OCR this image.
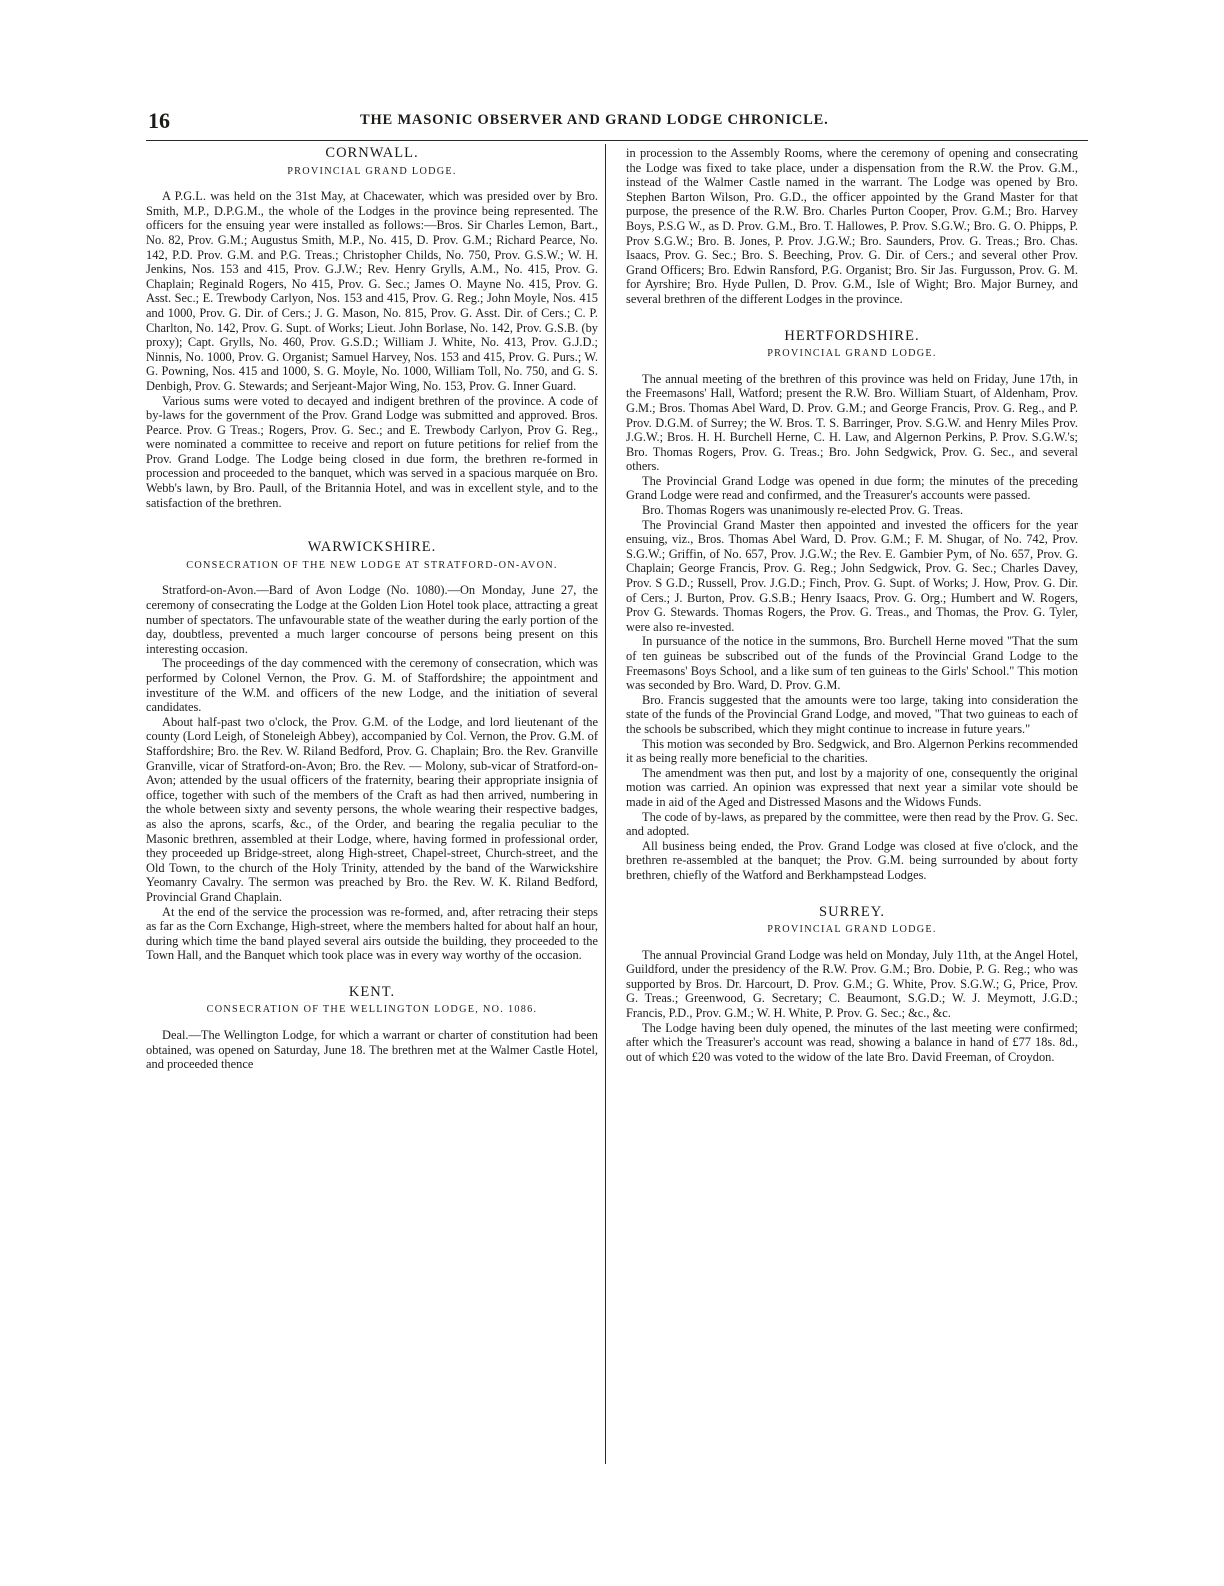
16	THE MASONIC OBSERVER AND GRAND LODGE CHRONICLE.
CORNWALL.
PROVINCIAL GRAND LODGE.

A P.G.L. was held on the 31st May, at Chacewater, which was presided over by Bro. Smith, M.P., D.P.G.M., the whole of the Lodges in the province being represented. The officers for the ensuing year were installed as follows:—Bros. Sir Charles Lemon, Bart., No. 82, Prov. G.M.; Augustus Smith, M.P., No. 415, D. Prov. G.M.; Richard Pearce, No. 142, P.D. Prov. G.M. and P.G. Treas.; Christopher Childs, No. 750, Prov. G.S.W.; W. H. Jenkins, Nos. 153 and 415, Prov. G.J.W.; Rev. Henry Grylls, A.M., No. 415, Prov. G. Chaplain; Reginald Rogers, No 415, Prov. G. Sec.; James O. Mayne No. 415, Prov. G. Asst. Sec.; E. Trewbody Carlyon, Nos. 153 and 415, Prov. G. Reg.; John Moyle, Nos. 415 and 1000, Prov. G. Dir. of Cers.; J. G. Mason, No. 815, Prov. G. Asst. Dir. of Cers.; C. P. Charlton, No. 142, Prov. G. Supt. of Works; Lieut. John Borlase, No. 142, Prov. G.S.B. (by proxy); Capt. Grylls, No. 460, Prov. G.S.D.; William J. White, No. 413, Prov. G.J.D.; Ninnis, No. 1000, Prov. G. Organist; Samuel Harvey, Nos. 153 and 415, Prov. G. Purs.; W. G. Powning, Nos. 415 and 1000, S. G. Moyle, No. 1000, William Toll, No. 750, and G. S. Denbigh, Prov. G. Stewards; and Serjeant-Major Wing, No. 153, Prov. G. Inner Guard.

Various sums were voted to decayed and indigent brethren of the province. A code of by-laws for the government of the Prov. Grand Lodge was submitted and approved. Bros. Pearce. Prov. G Treas.; Rogers, Prov. G. Sec.; and E. Trewbody Carlyon, Prov G. Reg., were nominated a committee to receive and report on future petitions for relief from the Prov. Grand Lodge. The Lodge being closed in due form, the brethren re-formed in procession and proceeded to the banquet, which was served in a spacious marquée on Bro. Webb's lawn, by Bro. Paull, of the Britannia Hotel, and was in excellent style, and to the satisfaction of the brethren.

WARWICKSHIRE.
CONSECRATION OF THE NEW LODGE AT STRATFORD-ON-AVON.

Stratford-on-Avon.—Bard of Avon Lodge (No. 1080).—On Monday, June 27, the ceremony of consecrating the Lodge at the Golden Lion Hotel took place, attracting a great number of spectators. The unfavourable state of the weather during the early portion of the day, doubtless, prevented a much larger concourse of persons being present on this interesting occasion.

The proceedings of the day commenced with the ceremony of consecration, which was performed by Colonel Vernon, the Prov. G. M. of Staffordshire; the appointment and investiture of the W.M. and officers of the new Lodge, and the initiation of several candidates.

About half-past two o'clock, the Prov. G.M. of the Lodge, and lord lieutenant of the county (Lord Leigh, of Stoneleigh Abbey), accompanied by Col. Vernon, the Prov. G.M. of Staffordshire; Bro. the Rev. W. Riland Bedford, Prov. G. Chaplain; Bro. the Rev. Granville Granville, vicar of Stratford-on-Avon; Bro. the Rev. — Molony, sub-vicar of Stratford-on-Avon; attended by the usual officers of the fraternity, bearing their appropriate insignia of office, together with such of the members of the Craft as had then arrived, numbering in the whole between sixty and seventy persons, the whole wearing their respective badges, as also the aprons, scarfs, &c., of the Order, and bearing the regalia peculiar to the Masonic brethren, assembled at their Lodge, where, having formed in professional order, they proceeded up Bridge-street, along High-street, Chapel-street, Church-street, and the Old Town, to the church of the Holy Trinity, attended by the band of the Warwickshire Yeomanry Cavalry. The sermon was preached by Bro. the Rev. W. K. Riland Bedford, Provincial Grand Chaplain.

At the end of the service the procession was re-formed, and, after retracing their steps as far as the Corn Exchange, High-street, where the members halted for about half an hour, during which time the band played several airs outside the building, they proceeded to the Town Hall, and the Banquet which took place was in every way worthy of the occasion.

KENT.
CONSECRATION OF THE WELLINGTON LODGE, NO. 1086.

Deal.—The Wellington Lodge, for which a warrant or charter of constitution had been obtained, was opened on Saturday, June 18. The brethren met at the Walmer Castle Hotel, and proceeded thence

in procession to the Assembly Rooms, where the ceremony of opening and consecrating the Lodge was fixed to take place, under a dispensation from the R.W. the Prov. G.M., instead of the Walmer Castle named in the warrant. The Lodge was opened by Bro. Stephen Barton Wilson, Pro. G.D., the officer appointed by the Grand Master for that purpose, the presence of the R.W. Bro. Charles Purton Cooper, Prov. G.M.; Bro. Harvey Boys, P.S.G W., as D. Prov. G.M., Bro. T. Hallowes, P. Prov. S.G.W.; Bro. G. O. Phipps, P. Prov S.G.W.; Bro. B. Jones, P. Prov. J.G.W.; Bro. Saunders, Prov. G. Treas.; Bro. Chas. Isaacs, Prov. G. Sec.; Bro. S. Beeching, Prov. G. Dir. of Cers.; and several other Prov. Grand Officers; Bro. Edwin Ransford, P.G. Organist; Bro. Sir Jas. Furgusson, Prov. G. M. for Ayrshire; Bro. Hyde Pullen, D. Prov. G.M., Isle of Wight; Bro. Major Burney, and several brethren of the different Lodges in the province.

HERTFORDSHIRE.
PROVINCIAL GRAND LODGE.

The annual meeting of the brethren of this province was held on Friday, June 17th, in the Freemasons' Hall, Watford; present the R.W. Bro. William Stuart, of Aldenham, Prov. G.M.; Bros. Thomas Abel Ward, D. Prov. G.M.; and George Francis, Prov. G. Reg., and P. Prov. D.G.M. of Surrey; the W. Bros. T. S. Barringer, Prov. S.G.W. and Henry Miles Prov. J.G.W.; Bros. H. H. Burchell Herne, C. H. Law, and Algernon Perkins, P. Prov. S.G.W.'s; Bro. Thomas Rogers, Prov. G. Treas.; Bro. John Sedgwick, Prov. G. Sec., and several others.

The Provincial Grand Lodge was opened in due form; the minutes of the preceding Grand Lodge were read and confirmed, and the Treasurer's accounts were passed.

Bro. Thomas Rogers was unanimously re-elected Prov. G. Treas.

The Provincial Grand Master then appointed and invested the officers for the year ensuing, viz., Bros. Thomas Abel Ward, D. Prov. G.M.; F. M. Shugar, of No. 742, Prov. S.G.W.; Griffin, of No. 657, Prov. J.G.W.; the Rev. E. Gambier Pym, of No. 657, Prov. G. Chaplain; George Francis, Prov. G. Reg.; John Sedgwick, Prov. G. Sec.; Charles Davey, Prov. S G.D.; Russell, Prov. J.G.D.; Finch, Prov. G. Supt. of Works; J. How, Prov. G. Dir. of Cers.; J. Burton, Prov. G.S.B.; Henry Isaacs, Prov. G. Org.; Humbert and W. Rogers, Prov G. Stewards. Thomas Rogers, the Prov. G. Treas., and Thomas, the Prov. G. Tyler, were also re-invested.

In pursuance of the notice in the summons, Bro. Burchell Herne moved "That the sum of ten guineas be subscribed out of the funds of the Provincial Grand Lodge to the Freemasons' Boys School, and a like sum of ten guineas to the Girls' School." This motion was seconded by Bro. Ward, D. Prov. G.M.

Bro. Francis suggested that the amounts were too large, taking into consideration the state of the funds of the Provincial Grand Lodge, and moved, "That two guineas to each of the schools be subscribed, which they might continue to increase in future years."

This motion was seconded by Bro. Sedgwick, and Bro. Algernon Perkins recommended it as being really more beneficial to the charities.

The amendment was then put, and lost by a majority of one, consequently the original motion was carried. An opinion was expressed that next year a similar vote should be made in aid of the Aged and Distressed Masons and the Widows Funds.

The code of by-laws, as prepared by the committee, were then read by the Prov. G. Sec. and adopted.

All business being ended, the Prov. Grand Lodge was closed at five o'clock, and the brethren re-assembled at the banquet; the Prov. G.M. being surrounded by about forty brethren, chiefly of the Watford and Berkhampstead Lodges.

SURREY.
PROVINCIAL GRAND LODGE.

The annual Provincial Grand Lodge was held on Monday, July 11th, at the Angel Hotel, Guildford, under the presidency of the R.W. Prov. G.M.; Bro. Dobie, P. G. Reg.; who was supported by Bros. Dr. Harcourt, D. Prov. G.M.; G. White, Prov. S.G.W.; G, Price, Prov. G. Treas.; Greenwood, G. Secretary; C. Beaumont, S.G.D.; W. J. Meymott, J.G.D.; Francis, P.D., Prov. G.M.; W. H. White, P. Prov. G. Sec.; &c., &c.

The Lodge having been duly opened, the minutes of the last meeting were confirmed; after which the Treasurer's account was read, showing a balance in hand of £77 18s. 8d., out of which £20 was voted to the widow of the late Bro. David Freeman, of Croydon.
